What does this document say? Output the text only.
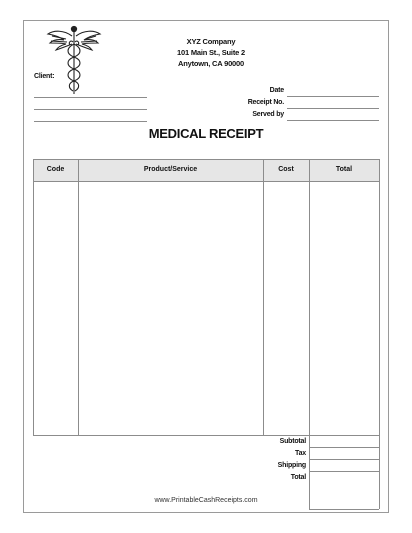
XYZ Company
101 Main St., Suite 2
Anytown, CA 90000
Client:
Date
Receipt No.
Served by
MEDICAL RECEIPT
Code	Product/Service	Cost	Total
Subtotal
Tax
Shipping
Total
www.PrintableCashReceipts.com
